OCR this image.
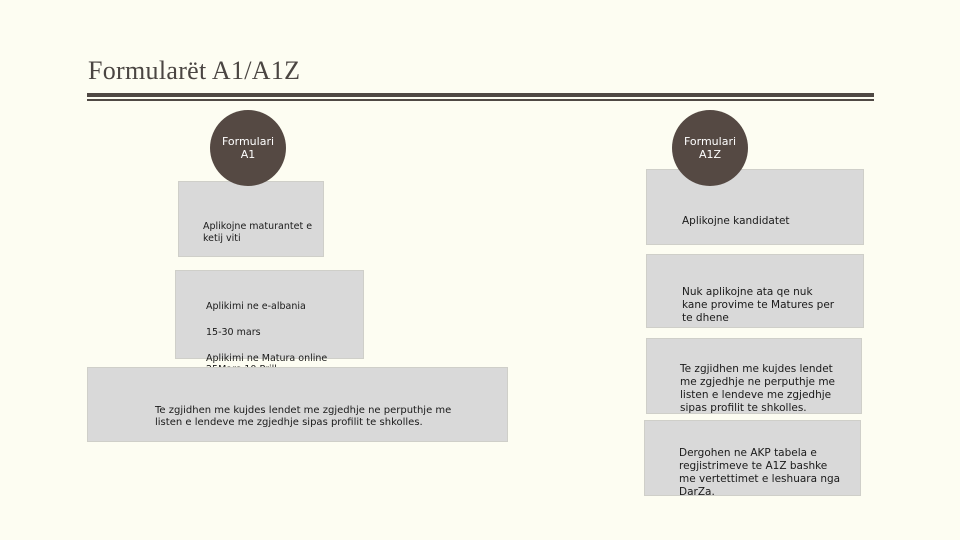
Formularët A1/A1Z
Formulari
A1

Aplikojne maturantet e
ketij viti

Aplikimi ne e-albania

15-30 mars

Aplikimi ne Matura online

Te zgjidhen me kujdes lendet me zgjedhje ne perputhje me
listen e lendeve me zgjedhje sipas profilit te shkolles.

Formulari
A1Z

Aplikojne kandidatet

Nuk aplikojne ata qe nuk
kane provime te Matures per
te dhene

Te zgjidhen me kujdes lendet
me zgjedhje ne perputhje me
listen e lendeve me zgjedhje
sipas profilit te shkolles.

Dergohen ne AKP tabela e
regjistrimeve te A1Z bashke
me vertettimet e leshuara nga
DarZa.
